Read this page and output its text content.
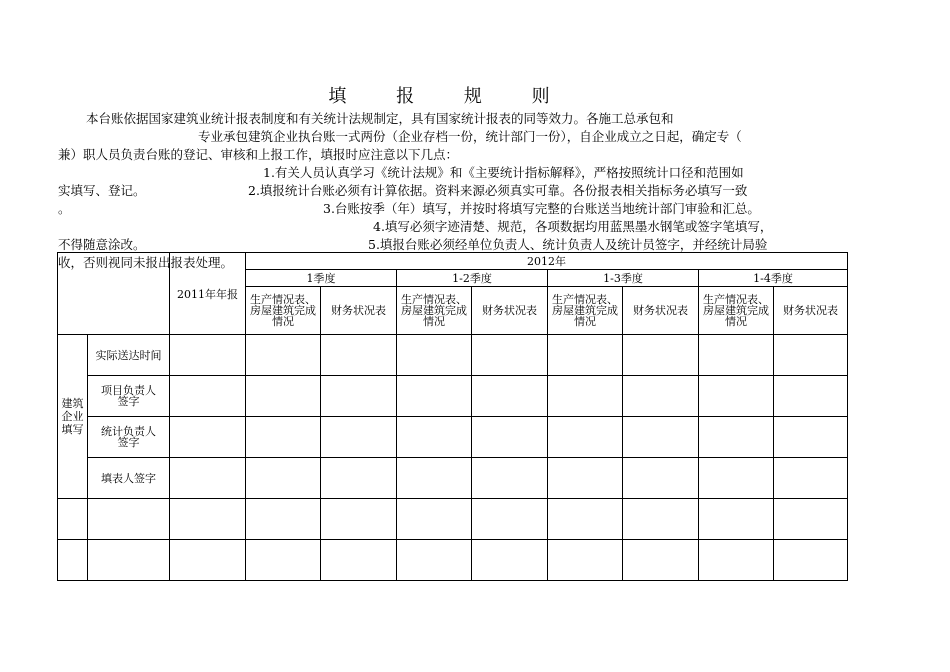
填 报 规 则
本台账依据国家建筑业统计报表制度和有关统计法规制定，具有国家统计报表的同等效力。各施工总承包和
专业承包建筑企业执台账一式两份（企业存档一份，统计部门一份），自企业成立之日起，确定专（
兼）职人员负责台账的登记、审核和上报工作，填报时应注意以下几点：
1.有关人员认真学习《统计法规》和《主要统计指标解释》，严格按照统计口径和范围如
实填写、登记。	2.填报统计台账必须有计算依据。资料来源必须真实可靠。各份报表相关指标务必填写一致
。	3.台账按季（年）填写，并按时将填写完整的台账送当地统计部门审验和汇总。
4.填写必须字迹清楚、规范，各项数据均用蓝黑墨水钢笔或签字笔填写，
不得随意涂改。	5.填报台账必须经单位负责人、统计负责人及统计员签字，并经统计局验
收，否则视同未报出报表处理。
		2011年年报	2012年							
			1季度		1-2季度		1-3季度		1-4季度	
			生产情况表、房屋建筑完成情况	财务状况表	生产情况表、房屋建筑完成情况	财务状况表	生产情况表、房屋建筑完成情况	财务状况表	生产情况表、房屋建筑完成情况	财务状况表
建筑企业填写	实际送达时间									
	项目负责人签字									
	统计负责人签字									
	填表人签字									
